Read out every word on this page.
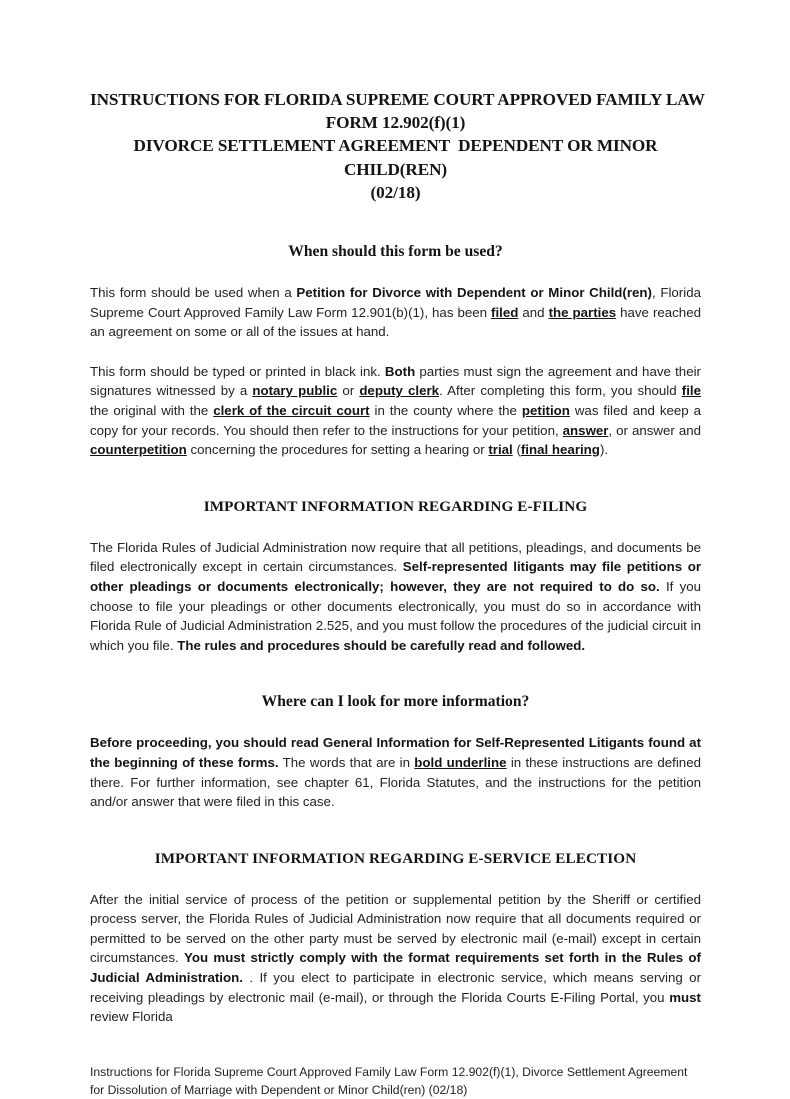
INSTRUCTIONS FOR FLORIDA SUPREME COURT APPROVED FAMILY LAW
FORM 12.902(f)(1)
DIVORCE SETTLEMENT AGREEMENT  DEPENDENT OR MINOR
CHILD(REN)
(02/18)
When should this form be used?

This form should be used when a Petition for Divorce with Dependent or Minor Child(ren), Florida Supreme Court Approved Family Law Form 12.901(b)(1), has been filed and the parties have reached an agreement on some or all of the issues at hand.

This form should be typed or printed in black ink. Both parties must sign the agreement and have their signatures witnessed by a notary public or deputy clerk. After completing this form, you should file the original with the clerk of the circuit court in the county where the petition was filed and keep a copy for your records. You should then refer to the instructions for your petition, answer, or answer and counterpetition concerning the procedures for setting a hearing or trial (final hearing).

IMPORTANT INFORMATION REGARDING E-FILING

The Florida Rules of Judicial Administration now require that all petitions, pleadings, and documents be filed electronically except in certain circumstances. Self-represented litigants may file petitions or other pleadings or documents electronically; however, they are not required to do so. If you choose to file your pleadings or other documents electronically, you must do so in accordance with Florida Rule of Judicial Administration 2.525, and you must follow the procedures of the judicial circuit in which you file. The rules and procedures should be carefully read and followed.

Where can I look for more information?

Before proceeding, you should read General Information for Self-Represented Litigants found at the beginning of these forms. The words that are in bold underline in these instructions are defined there. For further information, see chapter 61, Florida Statutes, and the instructions for the petition and/or answer that were filed in this case.

IMPORTANT INFORMATION REGARDING E-SERVICE ELECTION

After the initial service of process of the petition or supplemental petition by the Sheriff or certified process server, the Florida Rules of Judicial Administration now require that all documents required or permitted to be served on the other party must be served by electronic mail (e-mail) except in certain circumstances. You must strictly comply with the format requirements set forth in the Rules of Judicial Administration. . If you elect to participate in electronic service, which means serving or receiving pleadings by electronic mail (e-mail), or through the Florida Courts E-Filing Portal, you must review Florida

Instructions for Florida Supreme Court Approved Family Law Form 12.902(f)(1), Divorce Settlement Agreement
for Dissolution of Marriage with Dependent or Minor Child(ren) (02/18)
